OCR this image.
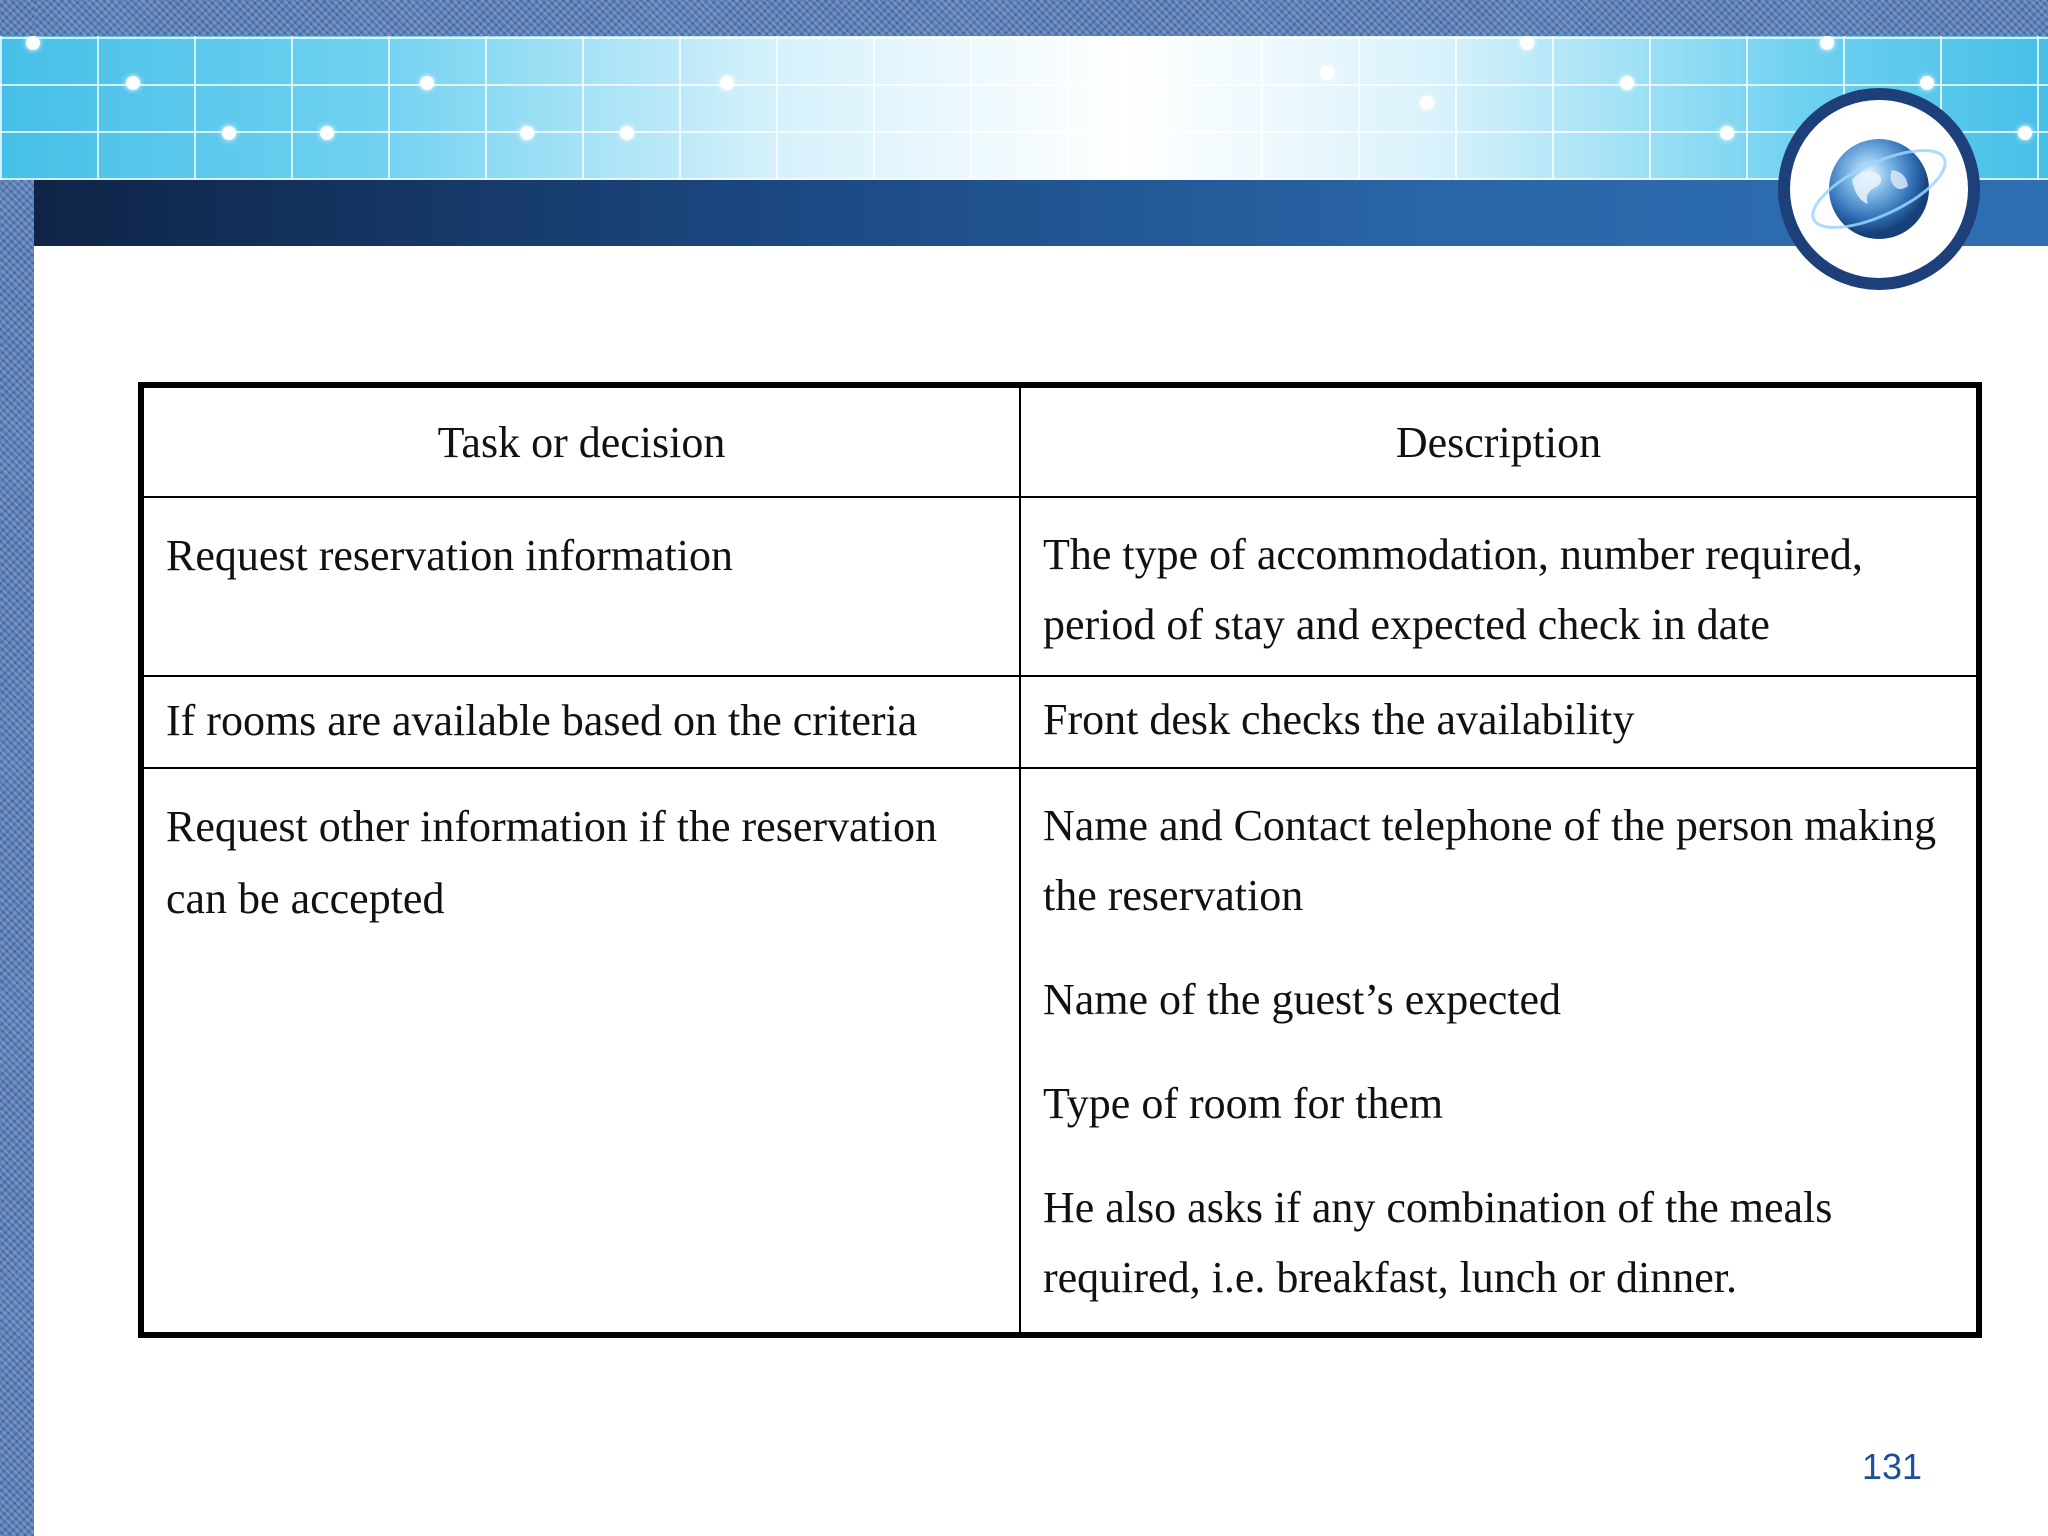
Task or decision	Description
Request reservation information	The type of accommodation, number required, period of stay and expected check in date

If rooms are available based on the criteria	Front desk checks the availability

Request other information if the reservation can be accepted	Name and Contact telephone of the person making the reservation
Name of the guest’s expected
Type of room for them
He also asks if any combination of the meals required, i.e. breakfast, lunch or dinner.
131
